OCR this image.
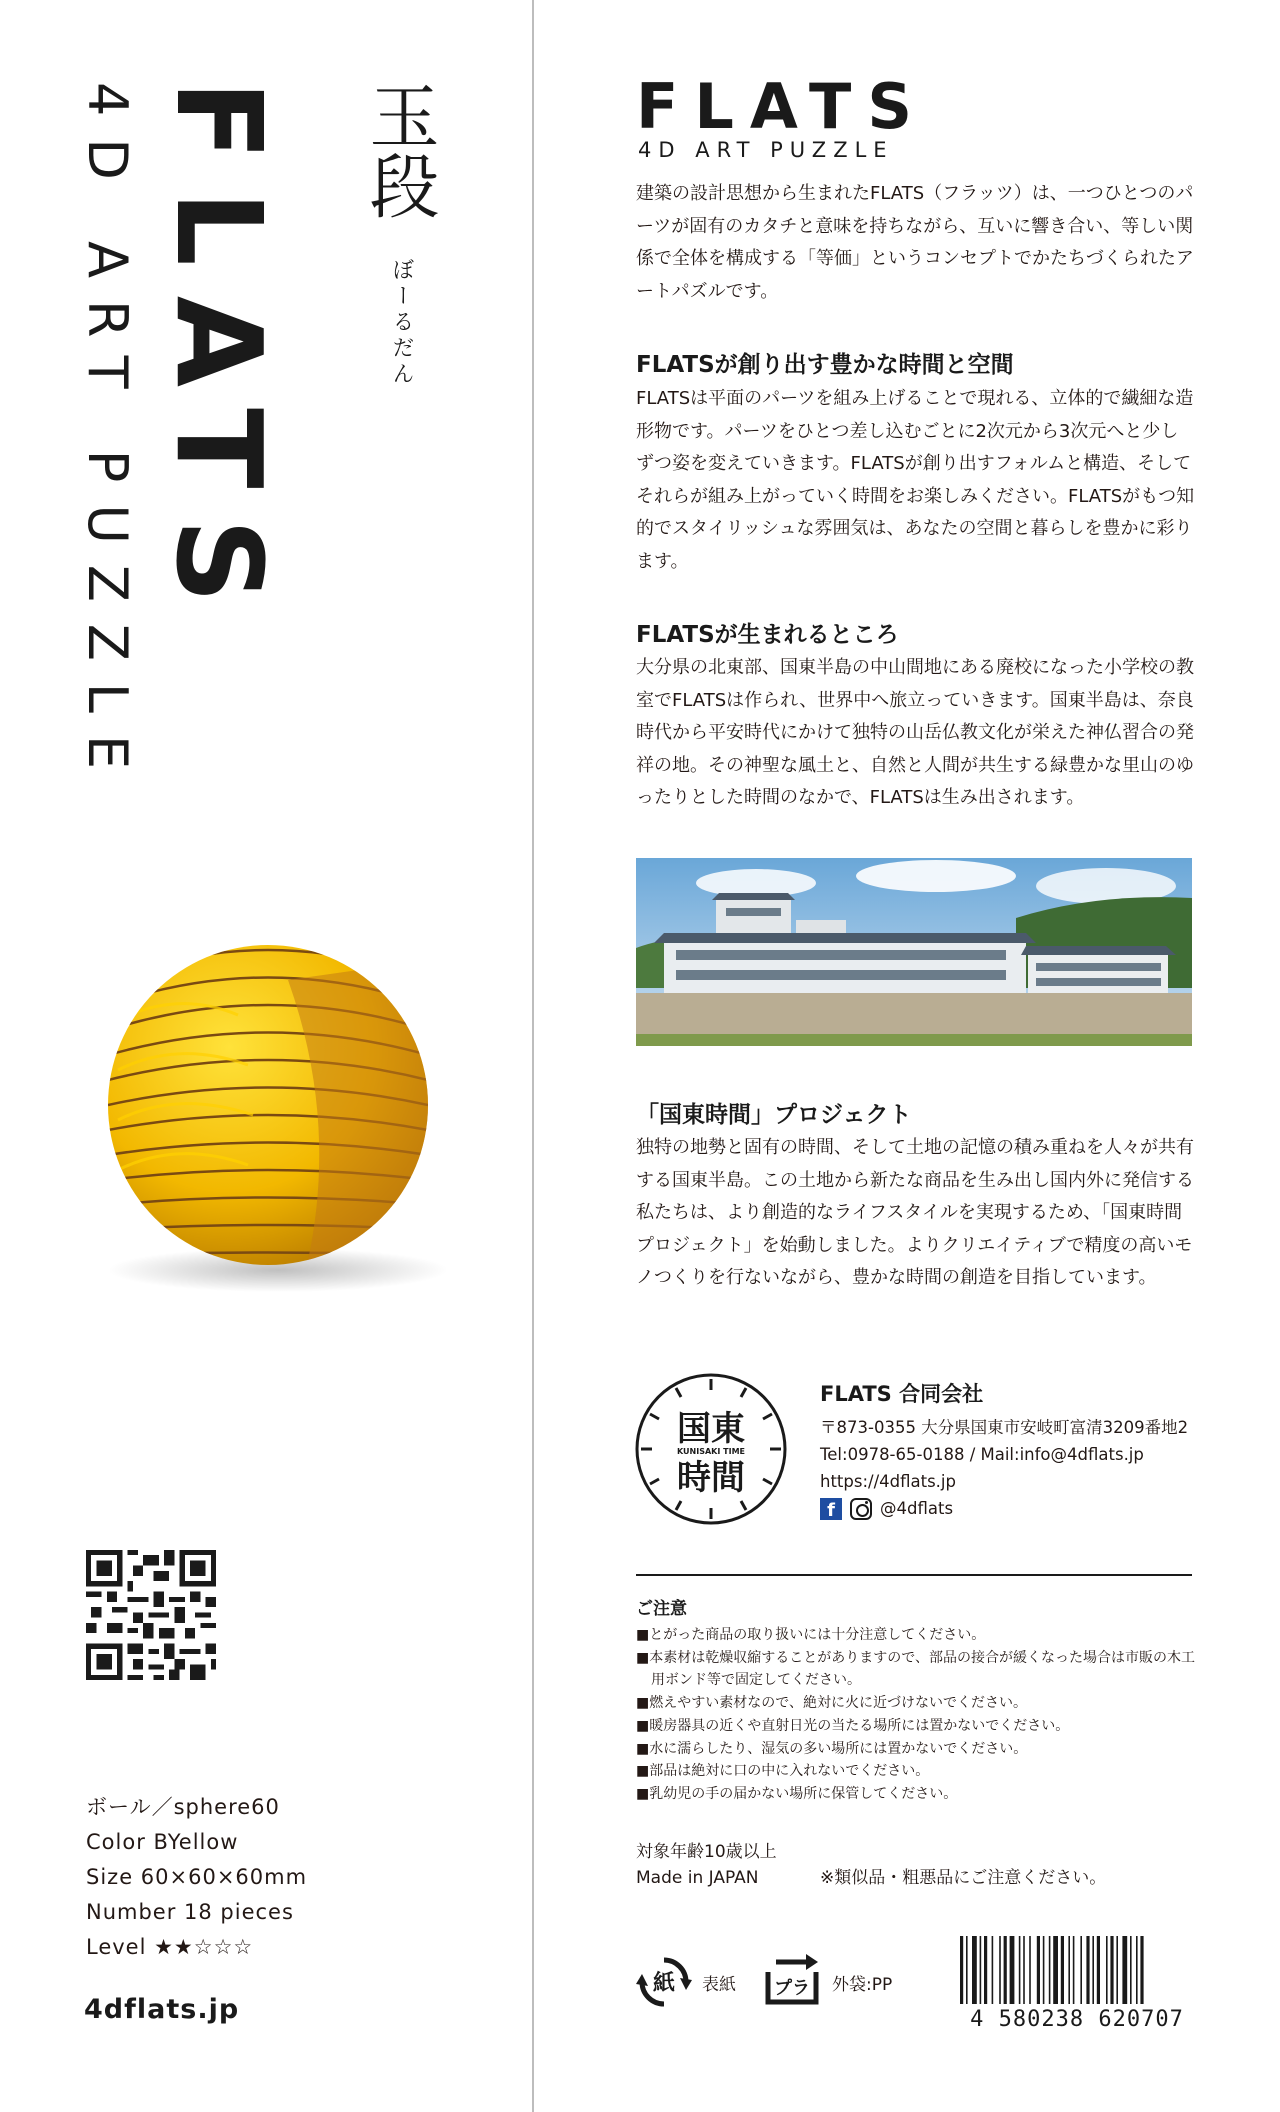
FLATS
4D ART PUZZLE	玉段
ぼーるだん
ボール／sphere60
Color BYellow
Size 60×60×60mm
Number 18 pieces
Level ★★☆☆☆
4dflats.jp
FLATS
4D ART PUZZLE
建築の設計思想から生まれたFLATS（フラッツ）は、一つひとつのパーツが固有のカタチと意味を持ちながら、互いに響き合い、等しい関係で全体を構成する「等価」というコンセプトでかたちづくられたアートパズルです。
FLATSが創り出す豊かな時間と空間
FLATSは平面のパーツを組み上げることで現れる、立体的で繊細な造形物です。パーツをひとつ差し込むごとに2次元から3次元へと少しずつ姿を変えていきます。FLATSが創り出すフォルムと構造、そしてそれらが組み上がっていく時間をお楽しみください。FLATSがもつ知的でスタイリッシュな雰囲気は、あなたの空間と暮らしを豊かに彩ります。
FLATSが生まれるところ
大分県の北東部、国東半島の中山間地にある廃校になった小学校の教室でFLATSは作られ、世界中へ旅立っていきます。国東半島は、奈良時代から平安時代にかけて独特の山岳仏教文化が栄えた神仏習合の発祥の地。その神聖な風土と、自然と人間が共生する緑豊かな里山のゆったりとした時間のなかで、FLATSは生み出されます。
「国東時間」プロジェクト
独特の地勢と固有の時間、そして土地の記憶の積み重ねを人々が共有する国東半島。この土地から新たな商品を生み出し国内外に発信する私たちは、より創造的なライフスタイルを実現するため、「国東時間プロジェクト」を始動しました。よりクリエイティブで精度の高いモノつくりを行ないながら、豊かな時間の創造を目指しています。
国東
KUNISAKI TIME
時間
FLATS 合同会社
〒873-0355 大分県国東市安岐町富清3209番地2
Tel:0978-65-0188 / Mail:info@4dflats.jp
https://4dflats.jp
f	@4dflats
ご注意
■とがった商品の取り扱いには十分注意してください。
■本素材は乾燥収縮することがありますので、部品の接合が緩くなった場合は市販の木工用ボンド等で固定してください。
■燃えやすい素材なので、絶対に火に近づけないでください。
■暖房器具の近くや直射日光の当たる場所には置かないでください。
■水に濡らしたり、湿気の多い場所には置かないでください。
■部品は絶対に口の中に入れないでください。
■乳幼児の手の届かない場所に保管してください。
対象年齢10歳以上
Made in JAPAN	※類似品・粗悪品にご注意ください。
紙 表紙 プラ 外袋:PP
4 580238 620707
